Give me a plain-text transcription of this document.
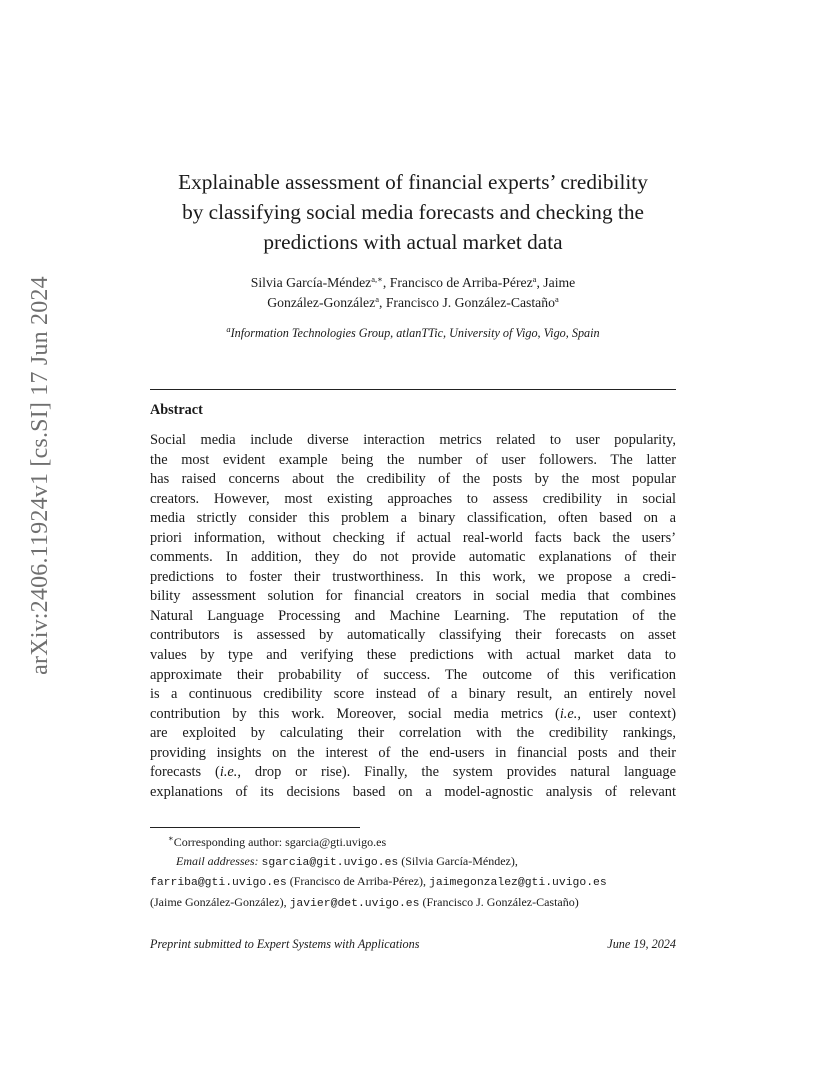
arXiv:2406.11924v1 [cs.SI] 17 Jun 2024
Explainable assessment of financial experts’ credibility
by classifying social media forecasts and checking the
predictions with actual market data
Silvia García-Méndez$^{a,∗}$, Francisco de Arriba-Pérez$^a$, Jaime
González-González$^a$, Francisco J. González-Castaño$^a$
$^a$Information Technologies Group, atlanTTic, University of Vigo, Vigo, Spain
Abstract
Social media include diverse interaction metrics related to user popularity,
the most evident example being the number of user followers. The latter
has raised concerns about the credibility of the posts by the most popular
creators. However, most existing approaches to assess credibility in social
media strictly consider this problem a binary classification, often based on a
priori information, without checking if actual real-world facts back the users’
comments. In addition, they do not provide automatic explanations of their
predictions to foster their trustworthiness. In this work, we propose a credi-
bility assessment solution for financial creators in social media that combines
Natural Language Processing and Machine Learning. The reputation of the
contributors is assessed by automatically classifying their forecasts on asset
values by type and verifying these predictions with actual market data to
approximate their probability of success. The outcome of this verification
is a continuous credibility score instead of a binary result, an entirely novel
contribution by this work. Moreover, social media metrics (i.e., user context)
are exploited by calculating their correlation with the credibility rankings,
providing insights on the interest of the end-users in financial posts and their
forecasts (i.e., drop or rise). Finally, the system provides natural language
explanations of its decisions based on a model-agnostic analysis of relevant
∗Corresponding author: sgarcia@gti.uvigo.es
Email addresses: sgarcia@git.uvigo.es (Silvia García-Méndez),
farriba@gti.uvigo.es (Francisco de Arriba-Pérez), jaimegonzalez@gti.uvigo.es
(Jaime González-González), javier@det.uvigo.es (Francisco J. González-Castaño)
Preprint submitted to Expert Systems with Applications	June 19, 2024
